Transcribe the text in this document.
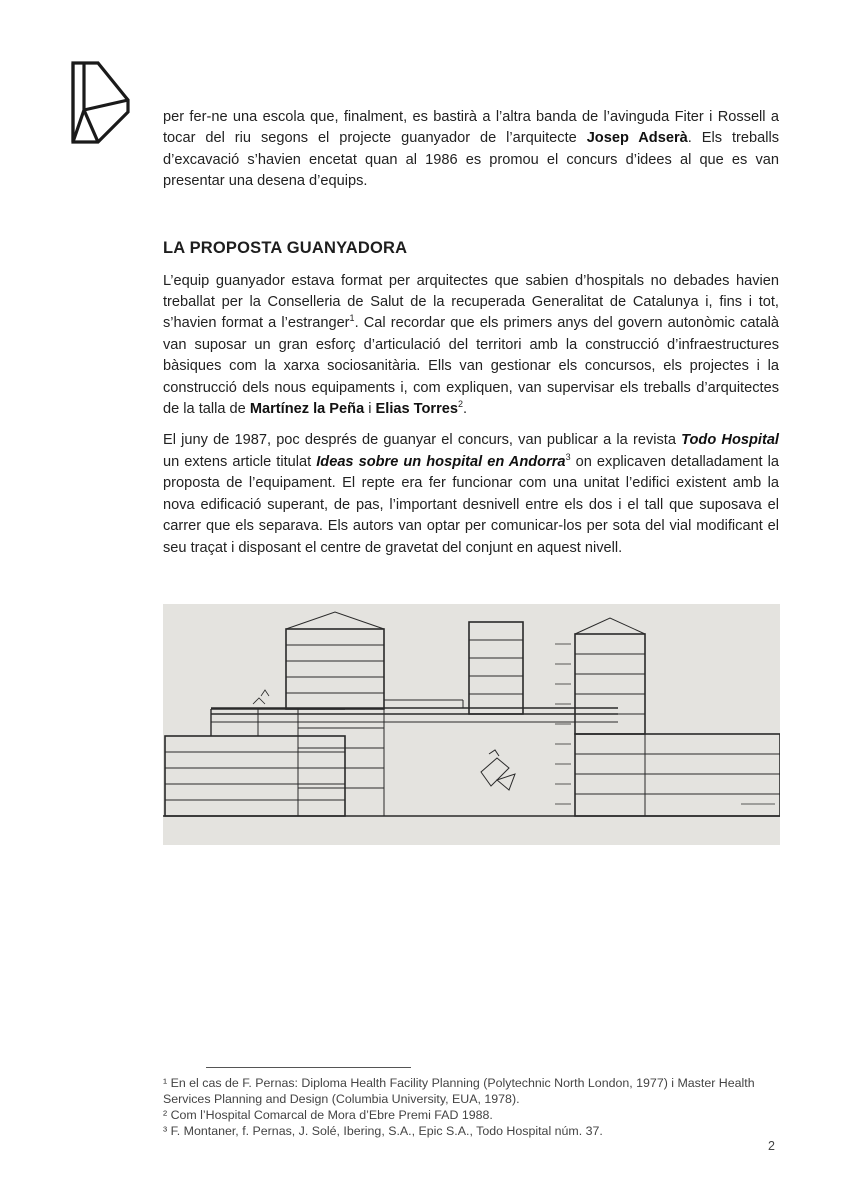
per fer-ne una escola que, finalment, es bastirà a l’altra banda de l’avinguda Fiter i Rossell a tocar del riu segons el projecte guanyador de l’arquitecte Josep Adserà. Els treballs d’excavació s’havien encetat quan al 1986 es promou el concurs d’idees al que es van presentar una desena d’equips.

LA PROPOSTA GUANYADORA

L’equip guanyador estava format per arquitectes que sabien d’hospitals no debades havien treballat per la Conselleria de Salut de la recuperada Generalitat de Catalunya i, fins i tot, s’havien format a l’estranger$^1$. Cal recordar que els primers anys del govern autonòmic català van suposar un gran esforç d’articulació del territori amb la construcció d’infraestructures bàsiques com la xarxa sociosanitària. Ells van gestionar els concursos, els projectes i la construcció dels nous equipaments i, com expliquen, van supervisar els treballs d’arquitectes de la talla de Martínez la Peña i Elias Torres$^2$.

El juny de 1987, poc després de guanyar el concurs, van publicar a la revista Todo Hospital un extens article titulat Ideas sobre un hospital en Andorra$^3$ on explicaven detalladament la proposta de l’equipament. El repte era fer funcionar com una unitat l’edifici existent amb la nova edificació superant, de pas, l’important desnivell entre els dos i el tall que suposava el carrer que els separava. Els autors van optar per comunicar-los per sota del vial modificant el seu traçat i disposant el centre de gravetat del conjunt en aquest nivell.

¹ En el cas de F. Pernas: Diploma Health Facility Planning (Polytechnic North London, 1977) i Master Health Services Planning and Design (Columbia University, EUA, 1978).
² Com l’Hospital Comarcal de Mora d’Ebre Premi FAD 1988.
³ F. Montaner, f. Pernas, J. Solé, Ibering, S.A., Epic S.A., Todo Hospital núm. 37.
2
